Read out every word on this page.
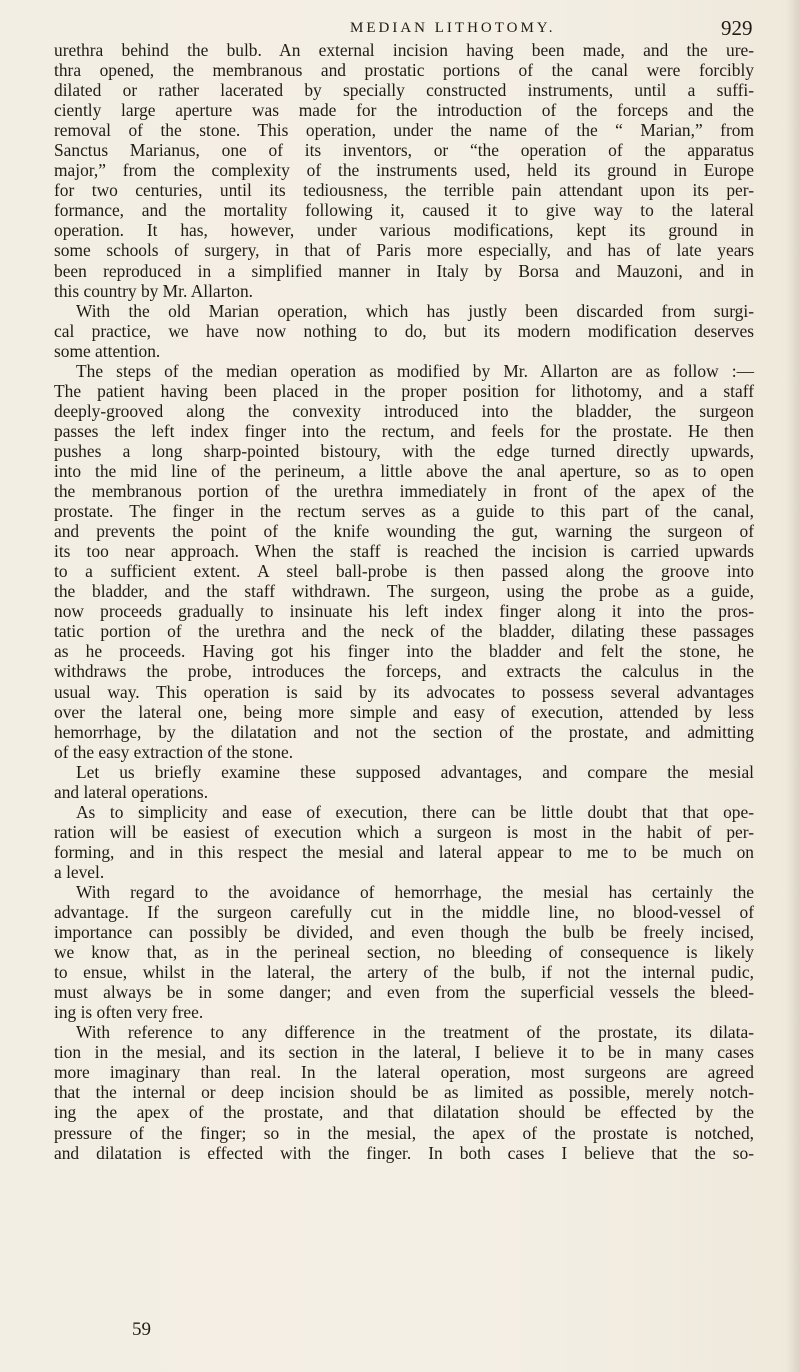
MEDIAN LITHOTOMY.	929
urethra behind the bulb. An external incision having been made, and the ure-
thra opened, the membranous and prostatic portions of the canal were forcibly
dilated or rather lacerated by specially constructed instruments, until a suffi-
ciently large aperture was made for the introduction of the forceps and the
removal of the stone. This operation, under the name of the “ Marian,” from
Sanctus Marianus, one of its inventors, or “the operation of the apparatus
major,” from the complexity of the instruments used, held its ground in Europe
for two centuries, until its tediousness, the terrible pain attendant upon its per-
formance, and the mortality following it, caused it to give way to the lateral
operation. It has, however, under various modifications, kept its ground in
some schools of surgery, in that of Paris more especially, and has of late years
been reproduced in a simplified manner in Italy by Borsa and Mauzoni, and in
this country by Mr. Allarton.
With the old Marian operation, which has justly been discarded from surgi-
cal practice, we have now nothing to do, but its modern modification deserves
some attention.
The steps of the median operation as modified by Mr. Allarton are as follow :—
The patient having been placed in the proper position for lithotomy, and a staff
deeply-grooved along the convexity introduced into the bladder, the surgeon
passes the left index finger into the rectum, and feels for the prostate. He then
pushes a long sharp-pointed bistoury, with the edge turned directly upwards,
into the mid line of the perineum, a little above the anal aperture, so as to open
the membranous portion of the urethra immediately in front of the apex of the
prostate. The finger in the rectum serves as a guide to this part of the canal,
and prevents the point of the knife wounding the gut, warning the surgeon of
its too near approach. When the staff is reached the incision is carried upwards
to a sufficient extent. A steel ball-probe is then passed along the groove into
the bladder, and the staff withdrawn. The surgeon, using the probe as a guide,
now proceeds gradually to insinuate his left index finger along it into the pros-
tatic portion of the urethra and the neck of the bladder, dilating these passages
as he proceeds. Having got his finger into the bladder and felt the stone, he
withdraws the probe, introduces the forceps, and extracts the calculus in the
usual way. This operation is said by its advocates to possess several advantages
over the lateral one, being more simple and easy of execution, attended by less
hemorrhage, by the dilatation and not the section of the prostate, and admitting
of the easy extraction of the stone.
Let us briefly examine these supposed advantages, and compare the mesial
and lateral operations.
As to simplicity and ease of execution, there can be little doubt that that ope-
ration will be easiest of execution which a surgeon is most in the habit of per-
forming, and in this respect the mesial and lateral appear to me to be much on
a level.
With regard to the avoidance of hemorrhage, the mesial has certainly the
advantage. If the surgeon carefully cut in the middle line, no blood-vessel of
importance can possibly be divided, and even though the bulb be freely incised,
we know that, as in the perineal section, no bleeding of consequence is likely
to ensue, whilst in the lateral, the artery of the bulb, if not the internal pudic,
must always be in some danger; and even from the superficial vessels the bleed-
ing is often very free.
With reference to any difference in the treatment of the prostate, its dilata-
tion in the mesial, and its section in the lateral, I believe it to be in many cases
more imaginary than real. In the lateral operation, most surgeons are agreed
that the internal or deep incision should be as limited as possible, merely notch-
ing the apex of the prostate, and that dilatation should be effected by the
pressure of the finger; so in the mesial, the apex of the prostate is notched,
and dilatation is effected with the finger. In both cases I believe that the so-
59
